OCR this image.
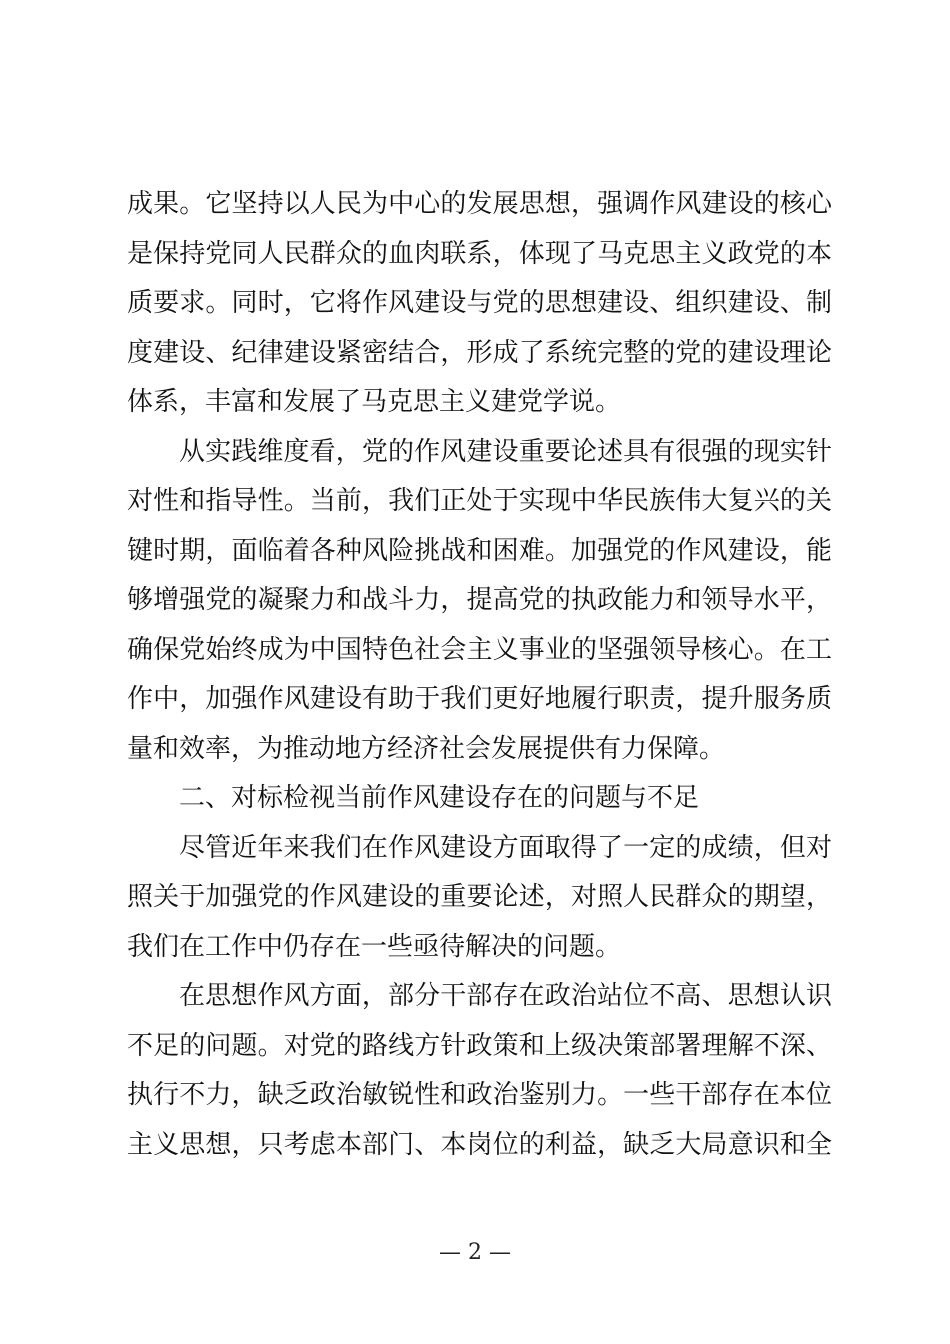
成果。它坚持以人民为中心的发展思想，强调作风建设的核心
是保持党同人民群众的血肉联系，体现了马克思主义政党的本
质要求。同时，它将作风建设与党的思想建设、组织建设、制
度建设、纪律建设紧密结合，形成了系统完整的党的建设理论
体系，丰富和发展了马克思主义建党学说。
从实践维度看，党的作风建设重要论述具有很强的现实针
对性和指导性。当前，我们正处于实现中华民族伟大复兴的关
键时期，面临着各种风险挑战和困难。加强党的作风建设，能
够增强党的凝聚力和战斗力，提高党的执政能力和领导水平，
确保党始终成为中国特色社会主义事业的坚强领导核心。在工
作中，加强作风建设有助于我们更好地履行职责，提升服务质
量和效率，为推动地方经济社会发展提供有力保障。
二、对标检视当前作风建设存在的问题与不足
尽管近年来我们在作风建设方面取得了一定的成绩，但对
照关于加强党的作风建设的重要论述，对照人民群众的期望，
我们在工作中仍存在一些亟待解决的问题。
在思想作风方面，部分干部存在政治站位不高、思想认识
不足的问题。对党的路线方针政策和上级决策部署理解不深、
执行不力，缺乏政治敏锐性和政治鉴别力。一些干部存在本位
主义思想，只考虑本部门、本岗位的利益，缺乏大局意识和全
— 2 —
